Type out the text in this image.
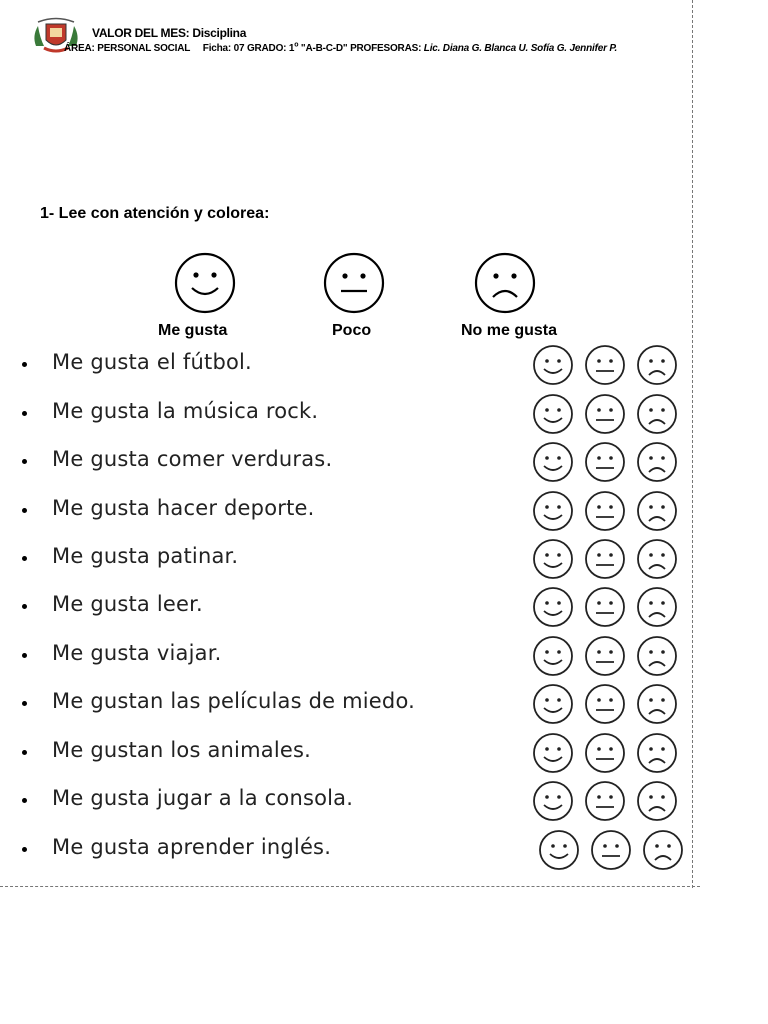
VALOR DEL MES: Disciplina
ÁREA: PERSONAL SOCIAL Ficha: 07 GRADO: 1$^o$ "A-B-C-D" PROFESORAS: Lic. Diana G. Blanca U. Sofía G. Jennifer P.
1- Lee con atención y colorea:
Me gusta	Poco	No me gusta
Me gusta el fútbol.
Me gusta la música rock.
Me gusta comer verduras.
Me gusta hacer deporte.
Me gusta patinar.
Me gusta leer.
Me gusta viajar.
Me gustan las películas de miedo.
Me gustan los animales.
Me gusta jugar a la consola.
Me gusta aprender inglés.
